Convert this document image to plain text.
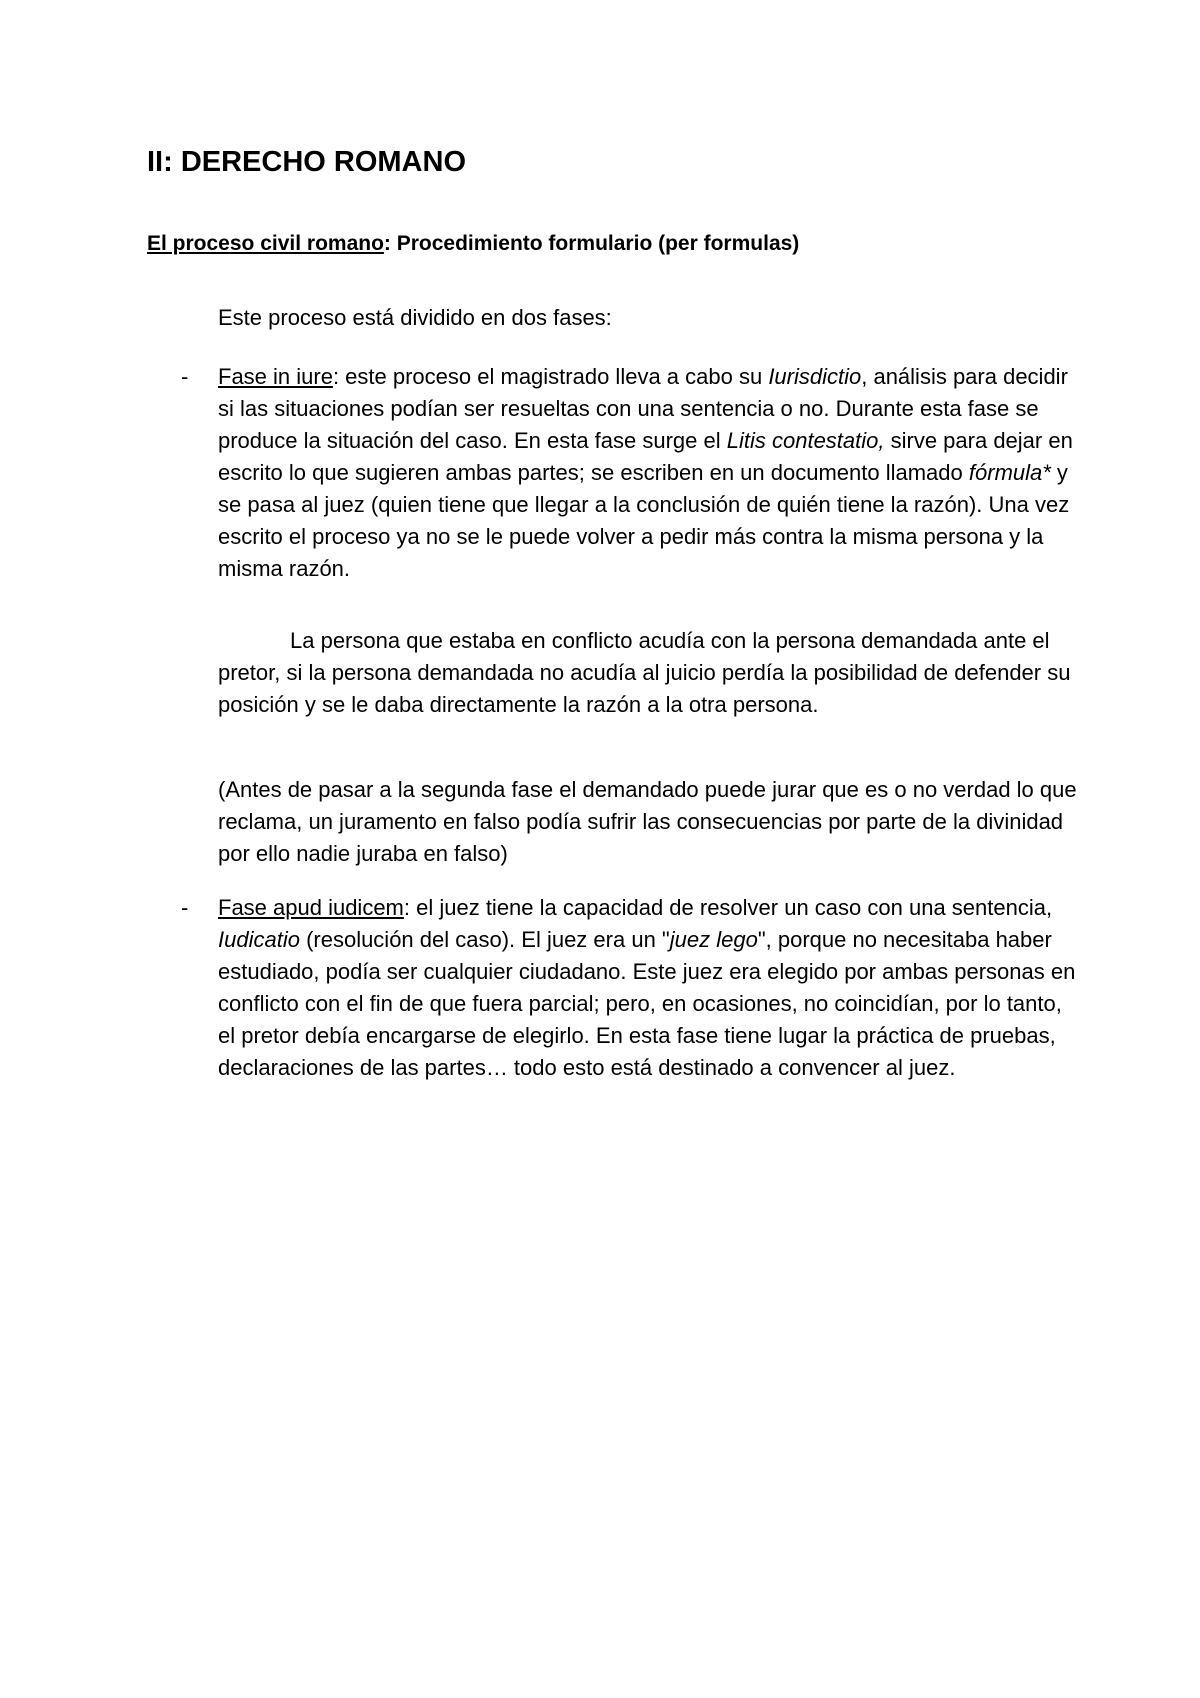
II: DERECHO ROMANO

El proceso civil romano: Procedimiento formulario (per formulas)

Este proceso está dividido en dos fases:

- Fase in iure: este proceso el magistrado lleva a cabo su Iurisdictio, análisis para decidir si las situaciones podían ser resueltas con una sentencia o no. Durante esta fase se produce la situación del caso. En esta fase surge el Litis contestatio, sirve para dejar en escrito lo que sugieren ambas partes; se escriben en un documento llamado fórmula* y se pasa al juez (quien tiene que llegar a la conclusión de quién tiene la razón). Una vez escrito el proceso ya no se le puede volver a pedir más contra la misma persona y la misma razón.

La persona que estaba en conflicto acudía con la persona demandada ante el pretor, si la persona demandada no acudía al juicio perdía la posibilidad de defender su posición y se le daba directamente la razón a la otra persona.

(Antes de pasar a la segunda fase el demandado puede jurar que es o no verdad lo que reclama, un juramento en falso podía sufrir las consecuencias por parte de la divinidad por ello nadie juraba en falso)

- Fase apud iudicem: el juez tiene la capacidad de resolver un caso con una sentencia, Iudicatio (resolución del caso). El juez era un "juez lego", porque no necesitaba haber estudiado, podía ser cualquier ciudadano. Este juez era elegido por ambas personas en conflicto con el fin de que fuera parcial; pero, en ocasiones, no coincidían, por lo tanto, el pretor debía encargarse de elegirlo. En esta fase tiene lugar la práctica de pruebas, declaraciones de las partes… todo esto está destinado a convencer al juez.
